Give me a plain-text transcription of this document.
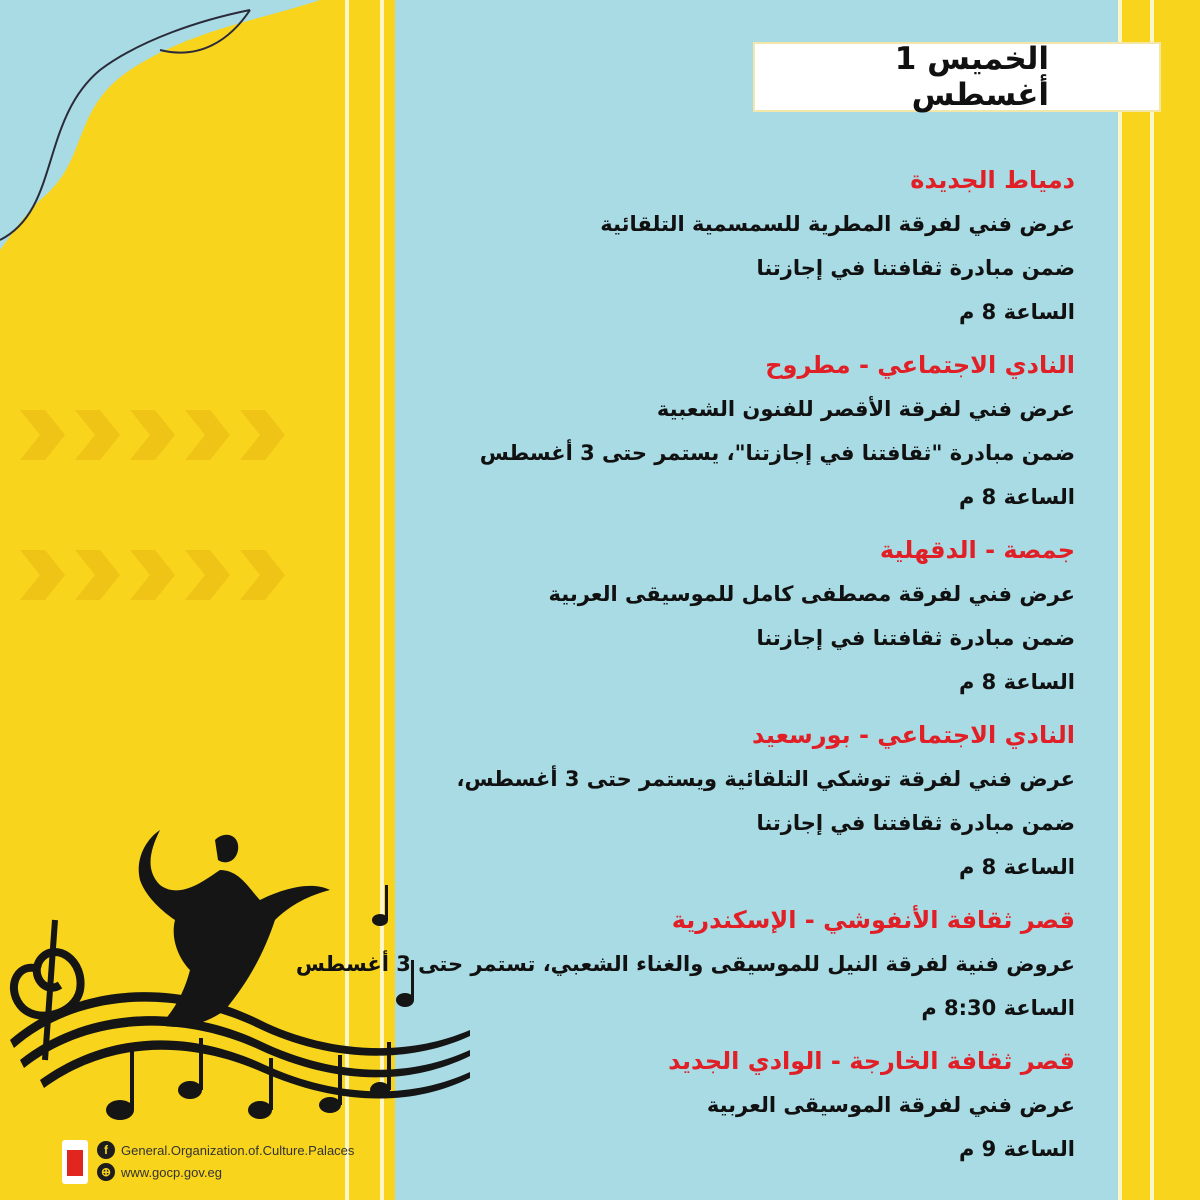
الخميس 1 أغسطس
دمياط الجديدة
عرض فني لفرقة المطرية للسمسمية التلقائية
ضمن مبادرة ثقافتنا في إجازتنا
الساعة 8 م
النادي الاجتماعي - مطروح
عرض فني لفرقة الأقصر للفنون الشعبية
ضمن مبادرة "ثقافتنا في إجازتنا"، يستمر حتى 3 أغسطس
الساعة 8 م
جمصة - الدقهلية
عرض فني لفرقة مصطفى كامل للموسيقى العربية
ضمن مبادرة ثقافتنا في إجازتنا
الساعة 8 م
النادي الاجتماعي - بورسعيد
عرض فني لفرقة توشكي التلقائية ويستمر حتى 3 أغسطس،
ضمن مبادرة ثقافتنا في إجازتنا
الساعة 8 م
قصر ثقافة الأنفوشي - الإسكندرية
عروض فنية لفرقة النيل للموسيقى والغناء الشعبي، تستمر حتى 3 أغسطس
الساعة 8:30 م
قصر ثقافة الخارجة - الوادي الجديد
عرض فني لفرقة الموسيقى العربية
الساعة 9 م
f	General.Organization.of.Culture.Palaces
⊕ www.gocp.gov.eg
